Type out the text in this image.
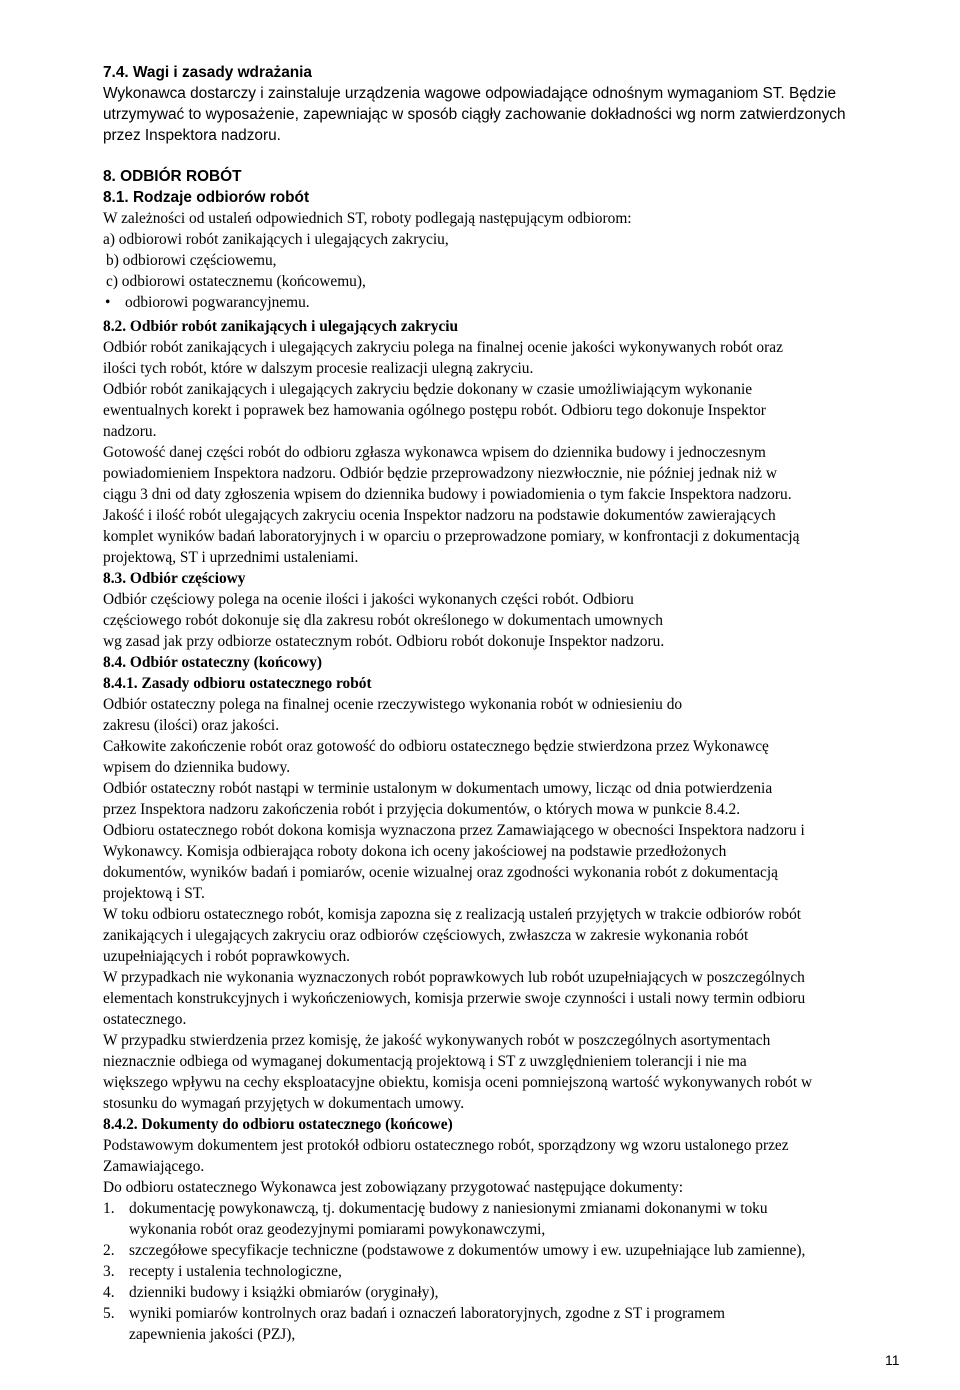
7.4. Wagi i zasady wdrażania

Wykonawca dostarczy i zainstaluje urządzenia wagowe odpowiadające odnośnym wymaganiom ST. Będzie

utrzymywać to wyposażenie, zapewniając w sposób ciągły zachowanie dokładności wg norm zatwierdzonych

przez Inspektora nadzoru.

8. ODBIÓR ROBÓT

8.1. Rodzaje odbiorów robót

W zależności od ustaleń odpowiednich ST, roboty podlegają następującym odbiorom:

a) odbiorowi robót zanikających i ulegających zakryciu,

b) odbiorowi częściowemu,

c) odbiorowi ostatecznemu (końcowemu),

• odbiorowi pogwarancyjnemu.

8.2. Odbiór robót zanikających i ulegających zakryciu

Odbiór robót zanikających i ulegających zakryciu polega na finalnej ocenie jakości wykonywanych robót oraz

ilości tych robót, które w dalszym procesie realizacji ulegną zakryciu.

Odbiór robót zanikających i ulegających zakryciu będzie dokonany w czasie umożliwiającym wykonanie

ewentualnych korekt i poprawek bez hamowania ogólnego postępu robót. Odbioru tego dokonuje Inspektor

nadzoru.

Gotowość danej części robót do odbioru zgłasza wykonawca wpisem do dziennika budowy i jednoczesnym

powiadomieniem Inspektora nadzoru. Odbiór będzie przeprowadzony niezwłocznie, nie później jednak niż w

ciągu 3 dni od daty zgłoszenia wpisem do dziennika budowy i powiadomienia o tym fakcie Inspektora nadzoru.

Jakość i ilość robót ulegających zakryciu ocenia Inspektor nadzoru na podstawie dokumentów zawierających

komplet wyników badań laboratoryjnych i w oparciu o przeprowadzone pomiary, w konfrontacji z dokumentacją

projektową, ST i uprzednimi ustaleniami.

8.3. Odbiór częściowy

Odbiór częściowy polega na ocenie ilości i jakości wykonanych części robót. Odbioru

częściowego robót dokonuje się dla zakresu robót określonego w dokumentach umownych

wg zasad jak przy odbiorze ostatecznym robót. Odbioru robót dokonuje Inspektor nadzoru.

8.4. Odbiór ostateczny (końcowy)

8.4.1. Zasady odbioru ostatecznego robót

Odbiór ostateczny polega na finalnej ocenie rzeczywistego wykonania robót w odniesieniu do

zakresu (ilości) oraz jakości.

Całkowite zakończenie robót oraz gotowość do odbioru ostatecznego będzie stwierdzona przez Wykonawcę

wpisem do dziennika budowy.

Odbiór ostateczny robót nastąpi w terminie ustalonym w dokumentach umowy, licząc od dnia potwierdzenia

przez Inspektora nadzoru zakończenia robót i przyjęcia dokumentów, o których mowa w punkcie 8.4.2.

Odbioru ostatecznego robót dokona komisja wyznaczona przez Zamawiającego w obecności Inspektora nadzoru i

Wykonawcy. Komisja odbierająca roboty dokona ich oceny jakościowej na podstawie przedłożonych

dokumentów, wyników badań i pomiarów, ocenie wizualnej oraz zgodności wykonania robót z dokumentacją

projektową i ST.

W toku odbioru ostatecznego robót, komisja zapozna się z realizacją ustaleń przyjętych w trakcie odbiorów robót

zanikających i ulegających zakryciu oraz odbiorów częściowych, zwłaszcza w zakresie wykonania robót

uzupełniających i robót poprawkowych.

W przypadkach nie wykonania wyznaczonych robót poprawkowych lub robót uzupełniających w poszczególnych

elementach konstrukcyjnych i wykończeniowych, komisja przerwie swoje czynności i ustali nowy termin odbioru

ostatecznego.

W przypadku stwierdzenia przez komisję, że jakość wykonywanych robót w poszczególnych asortymentach

nieznacznie odbiega od wymaganej dokumentacją projektową i ST z uwzględnieniem tolerancji i nie ma

większego wpływu na cechy eksploatacyjne obiektu, komisja oceni pomniejszoną wartość wykonywanych robót w

stosunku do wymagań przyjętych w dokumentach umowy.

8.4.2. Dokumenty do odbioru ostatecznego (końcowe)

Podstawowym dokumentem jest protokół odbioru ostatecznego robót, sporządzony wg wzoru ustalonego przez

Zamawiającego.

Do odbioru ostatecznego Wykonawca jest zobowiązany przygotować następujące dokumenty:

1. dokumentację powykonawczą, tj. dokumentację budowy z naniesionymi zmianami dokonanymi w toku

wykonania robót oraz geodezyjnymi pomiarami powykonawczymi,

2. szczegółowe specyfikacje techniczne (podstawowe z dokumentów umowy i ew. uzupełniające lub zamienne),

3. recepty i ustalenia technologiczne,

4. dzienniki budowy i książki obmiarów (oryginały),

5. wyniki pomiarów kontrolnych oraz badań i oznaczeń laboratoryjnych, zgodne z ST i programem

zapewnienia jakości (PZJ),

11
